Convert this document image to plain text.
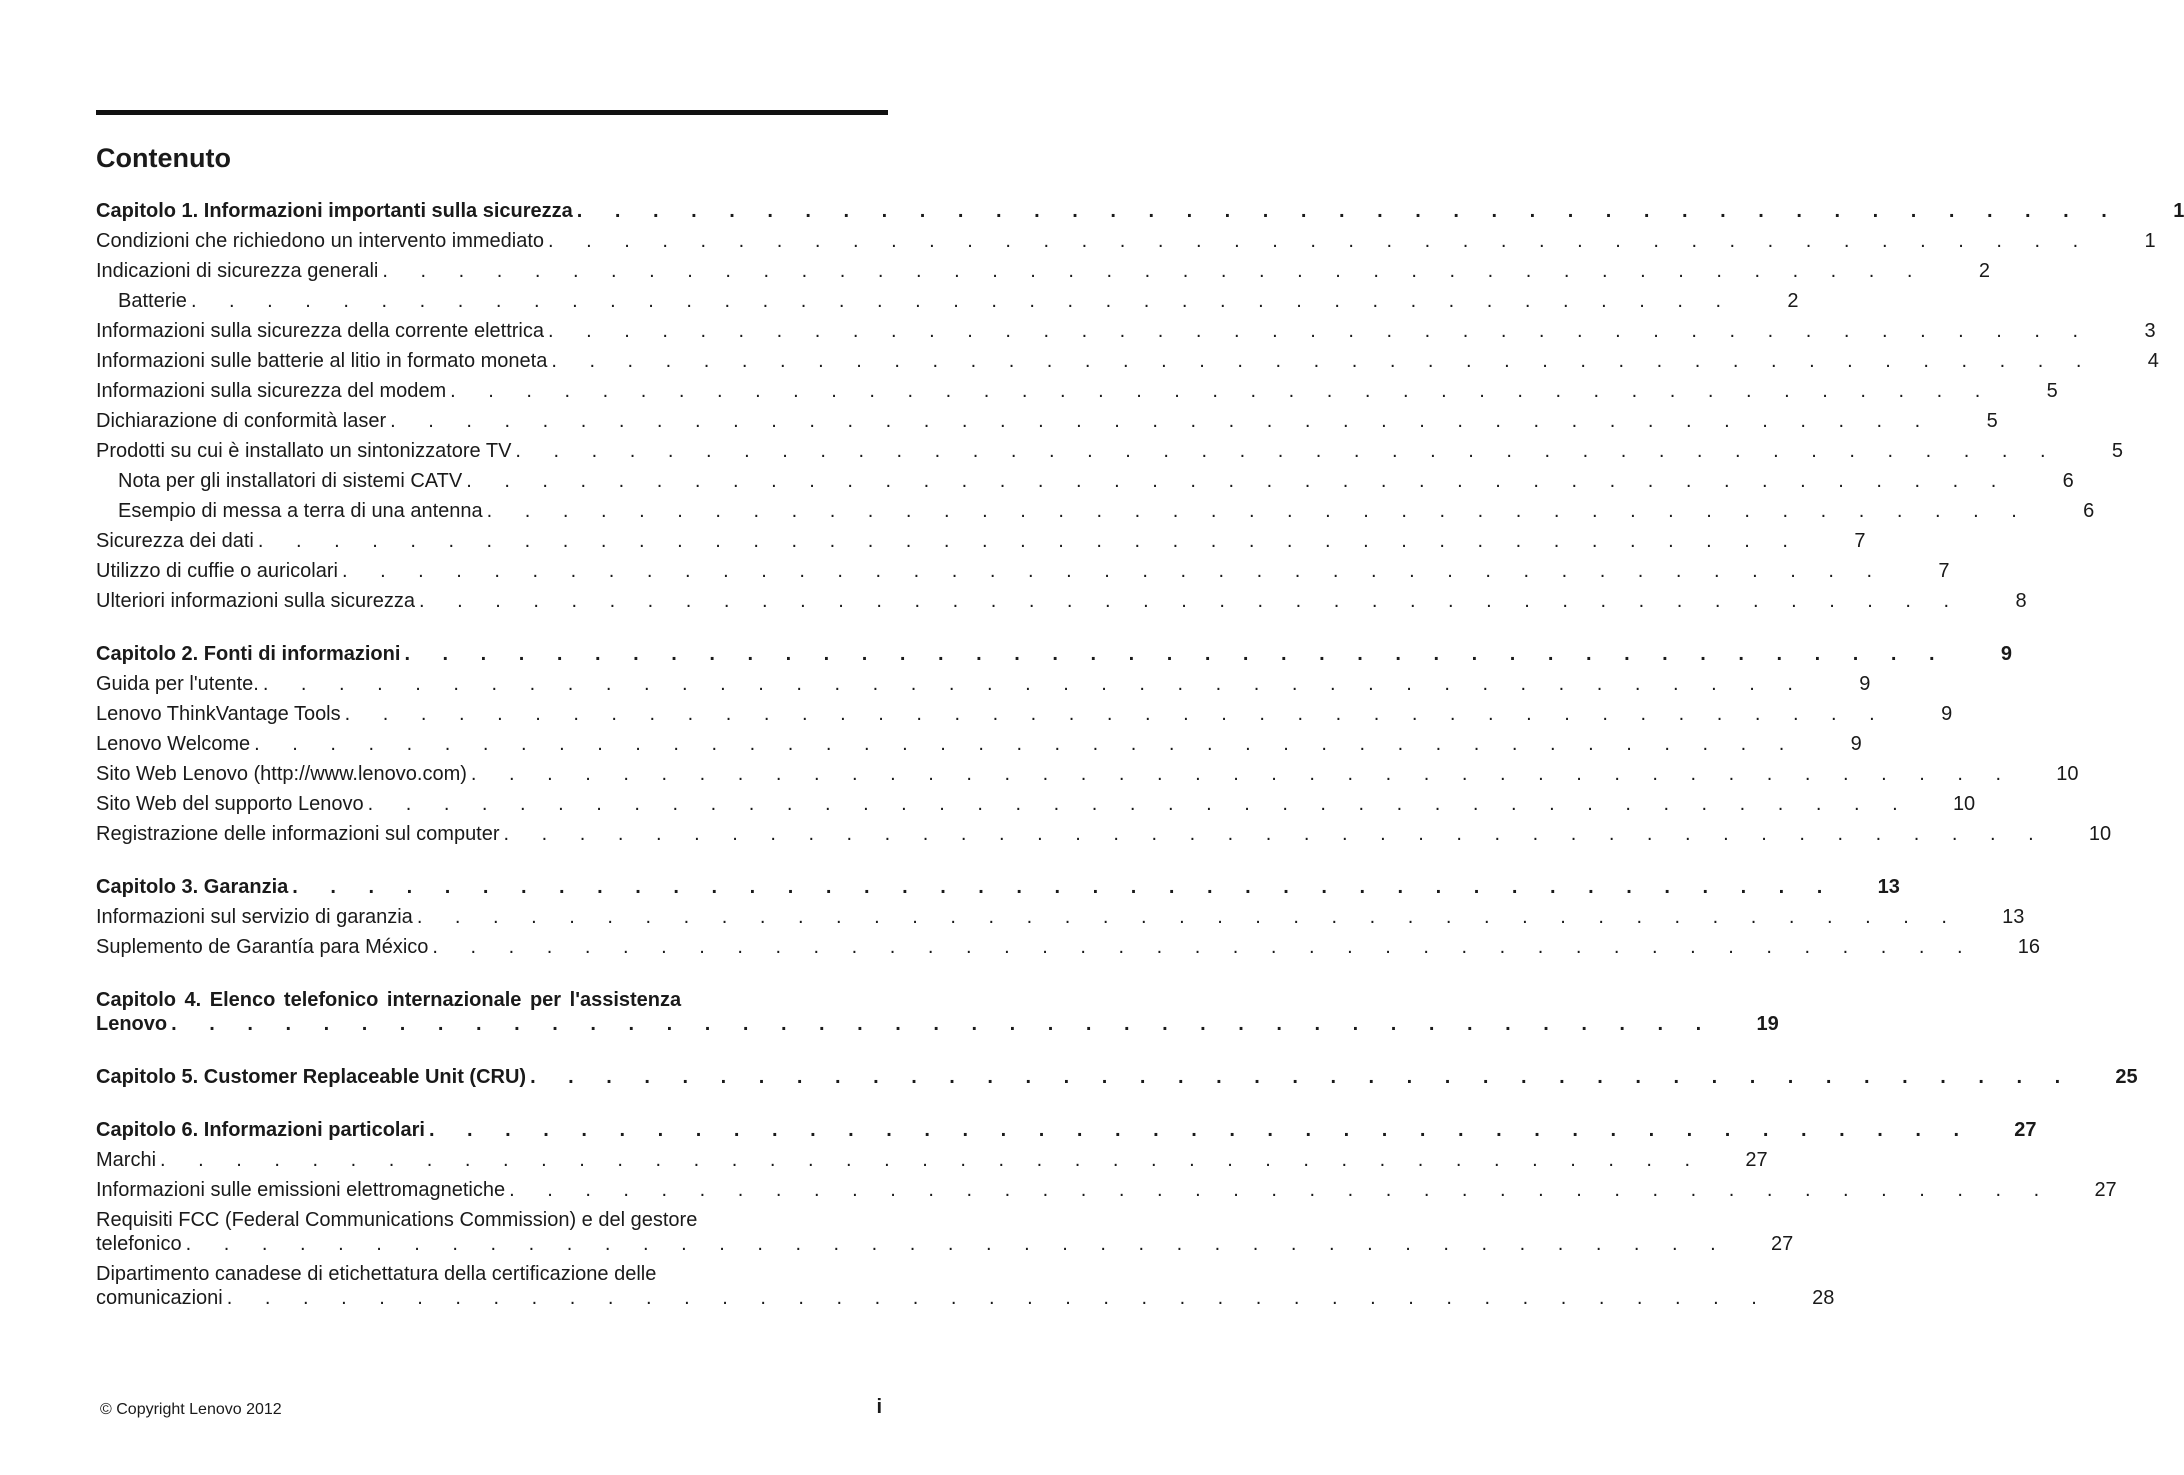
Contenuto
Capitolo 1. Informazioni importanti sulla sicurezza . . . . . . . . . . . . . . . . . . . . . . . . . . . . . . . . . . . . . . . . .	1
Condizioni che richiedono un intervento immediato . . . . . . . . . . . . . . . . . . . . . . . . . . . . . . . . . . . . . . . . .	1
Indicazioni di sicurezza generali . . . . . . . . . . . . . . . . . . . . . . . . . . . . . . . . . . . . . . . . .	2
Batterie . . . . . . . . . . . . . . . . . . . . . . . . . . . . . . . . . . . . . . . . .	2
Informazioni sulla sicurezza della corrente elettrica . . . . . . . . . . . . . . . . . . . . . . . . . . . . . . . . . . . . . . . . .	3
Informazioni sulle batterie al litio in formato moneta . . . . . . . . . . . . . . . . . . . . . . . . . . . . . . . . . . . . . . . . .	4
Informazioni sulla sicurezza del modem . . . . . . . . . . . . . . . . . . . . . . . . . . . . . . . . . . . . . . . . .	5
Dichiarazione di conformità laser . . . . . . . . . . . . . . . . . . . . . . . . . . . . . . . . . . . . . . . . .	5
Prodotti su cui è installato un sintonizzatore TV . . . . . . . . . . . . . . . . . . . . . . . . . . . . . . . . . . . . . . . . .	5
Nota per gli installatori di sistemi CATV . . . . . . . . . . . . . . . . . . . . . . . . . . . . . . . . . . . . . . . . .	6
Esempio di messa a terra di una antenna . . . . . . . . . . . . . . . . . . . . . . . . . . . . . . . . . . . . . . . . .	6
Sicurezza dei dati . . . . . . . . . . . . . . . . . . . . . . . . . . . . . . . . . . . . . . . . .	7
Utilizzo di cuffie o auricolari . . . . . . . . . . . . . . . . . . . . . . . . . . . . . . . . . . . . . . . . .	7
Ulteriori informazioni sulla sicurezza . . . . . . . . . . . . . . . . . . . . . . . . . . . . . . . . . . . . . . . . .	8
Capitolo 2. Fonti di informazioni . . . . . . . . . . . . . . . . . . . . . . . . . . . . . . . . . . . . . . . . .	9
Guida per l'utente. . . . . . . . . . . . . . . . . . . . . . . . . . . . . . . . . . . . . . . . . .	9
Lenovo ThinkVantage Tools . . . . . . . . . . . . . . . . . . . . . . . . . . . . . . . . . . . . . . . . .	9
Lenovo Welcome . . . . . . . . . . . . . . . . . . . . . . . . . . . . . . . . . . . . . . . . .	9
Sito Web Lenovo (http://www.lenovo.com) . . . . . . . . . . . . . . . . . . . . . . . . . . . . . . . . . . . . . . . . .	10
Sito Web del supporto Lenovo . . . . . . . . . . . . . . . . . . . . . . . . . . . . . . . . . . . . . . . . .	10
Registrazione delle informazioni sul computer . . . . . . . . . . . . . . . . . . . . . . . . . . . . . . . . . . . . . . . . .	10
Capitolo 3. Garanzia . . . . . . . . . . . . . . . . . . . . . . . . . . . . . . . . . . . . . . . . .	13
Informazioni sul servizio di garanzia . . . . . . . . . . . . . . . . . . . . . . . . . . . . . . . . . . . . . . . . .	13
Suplemento de Garantía para México . . . . . . . . . . . . . . . . . . . . . . . . . . . . . . . . . . . . . . . . .	16
Capitolo 4. Elenco telefonico internazionale per l'assistenza
Lenovo . . . . . . . . . . . . . . . . . . . . . . . . . . . . . . . . . . . . . . . . .	19
Capitolo 5. Customer Replaceable Unit (CRU) . . . . . . . . . . . . . . . . . . . . . . . . . . . . . . . . . . . . . . . . .	25
Capitolo 6. Informazioni particolari . . . . . . . . . . . . . . . . . . . . . . . . . . . . . . . . . . . . . . . . .	27
Marchi . . . . . . . . . . . . . . . . . . . . . . . . . . . . . . . . . . . . . . . . .	27
Informazioni sulle emissioni elettromagnetiche . . . . . . . . . . . . . . . . . . . . . . . . . . . . . . . . . . . . . . . . .	27
Requisiti FCC (Federal Communications Commission) e del gestore
telefonico . . . . . . . . . . . . . . . . . . . . . . . . . . . . . . . . . . . . . . . . .	27
Dipartimento canadese di etichettatura della certificazione delle
comunicazioni . . . . . . . . . . . . . . . . . . . . . . . . . . . . . . . . . . . . . . . . .	28
© Copyright Lenovo 2012	i
